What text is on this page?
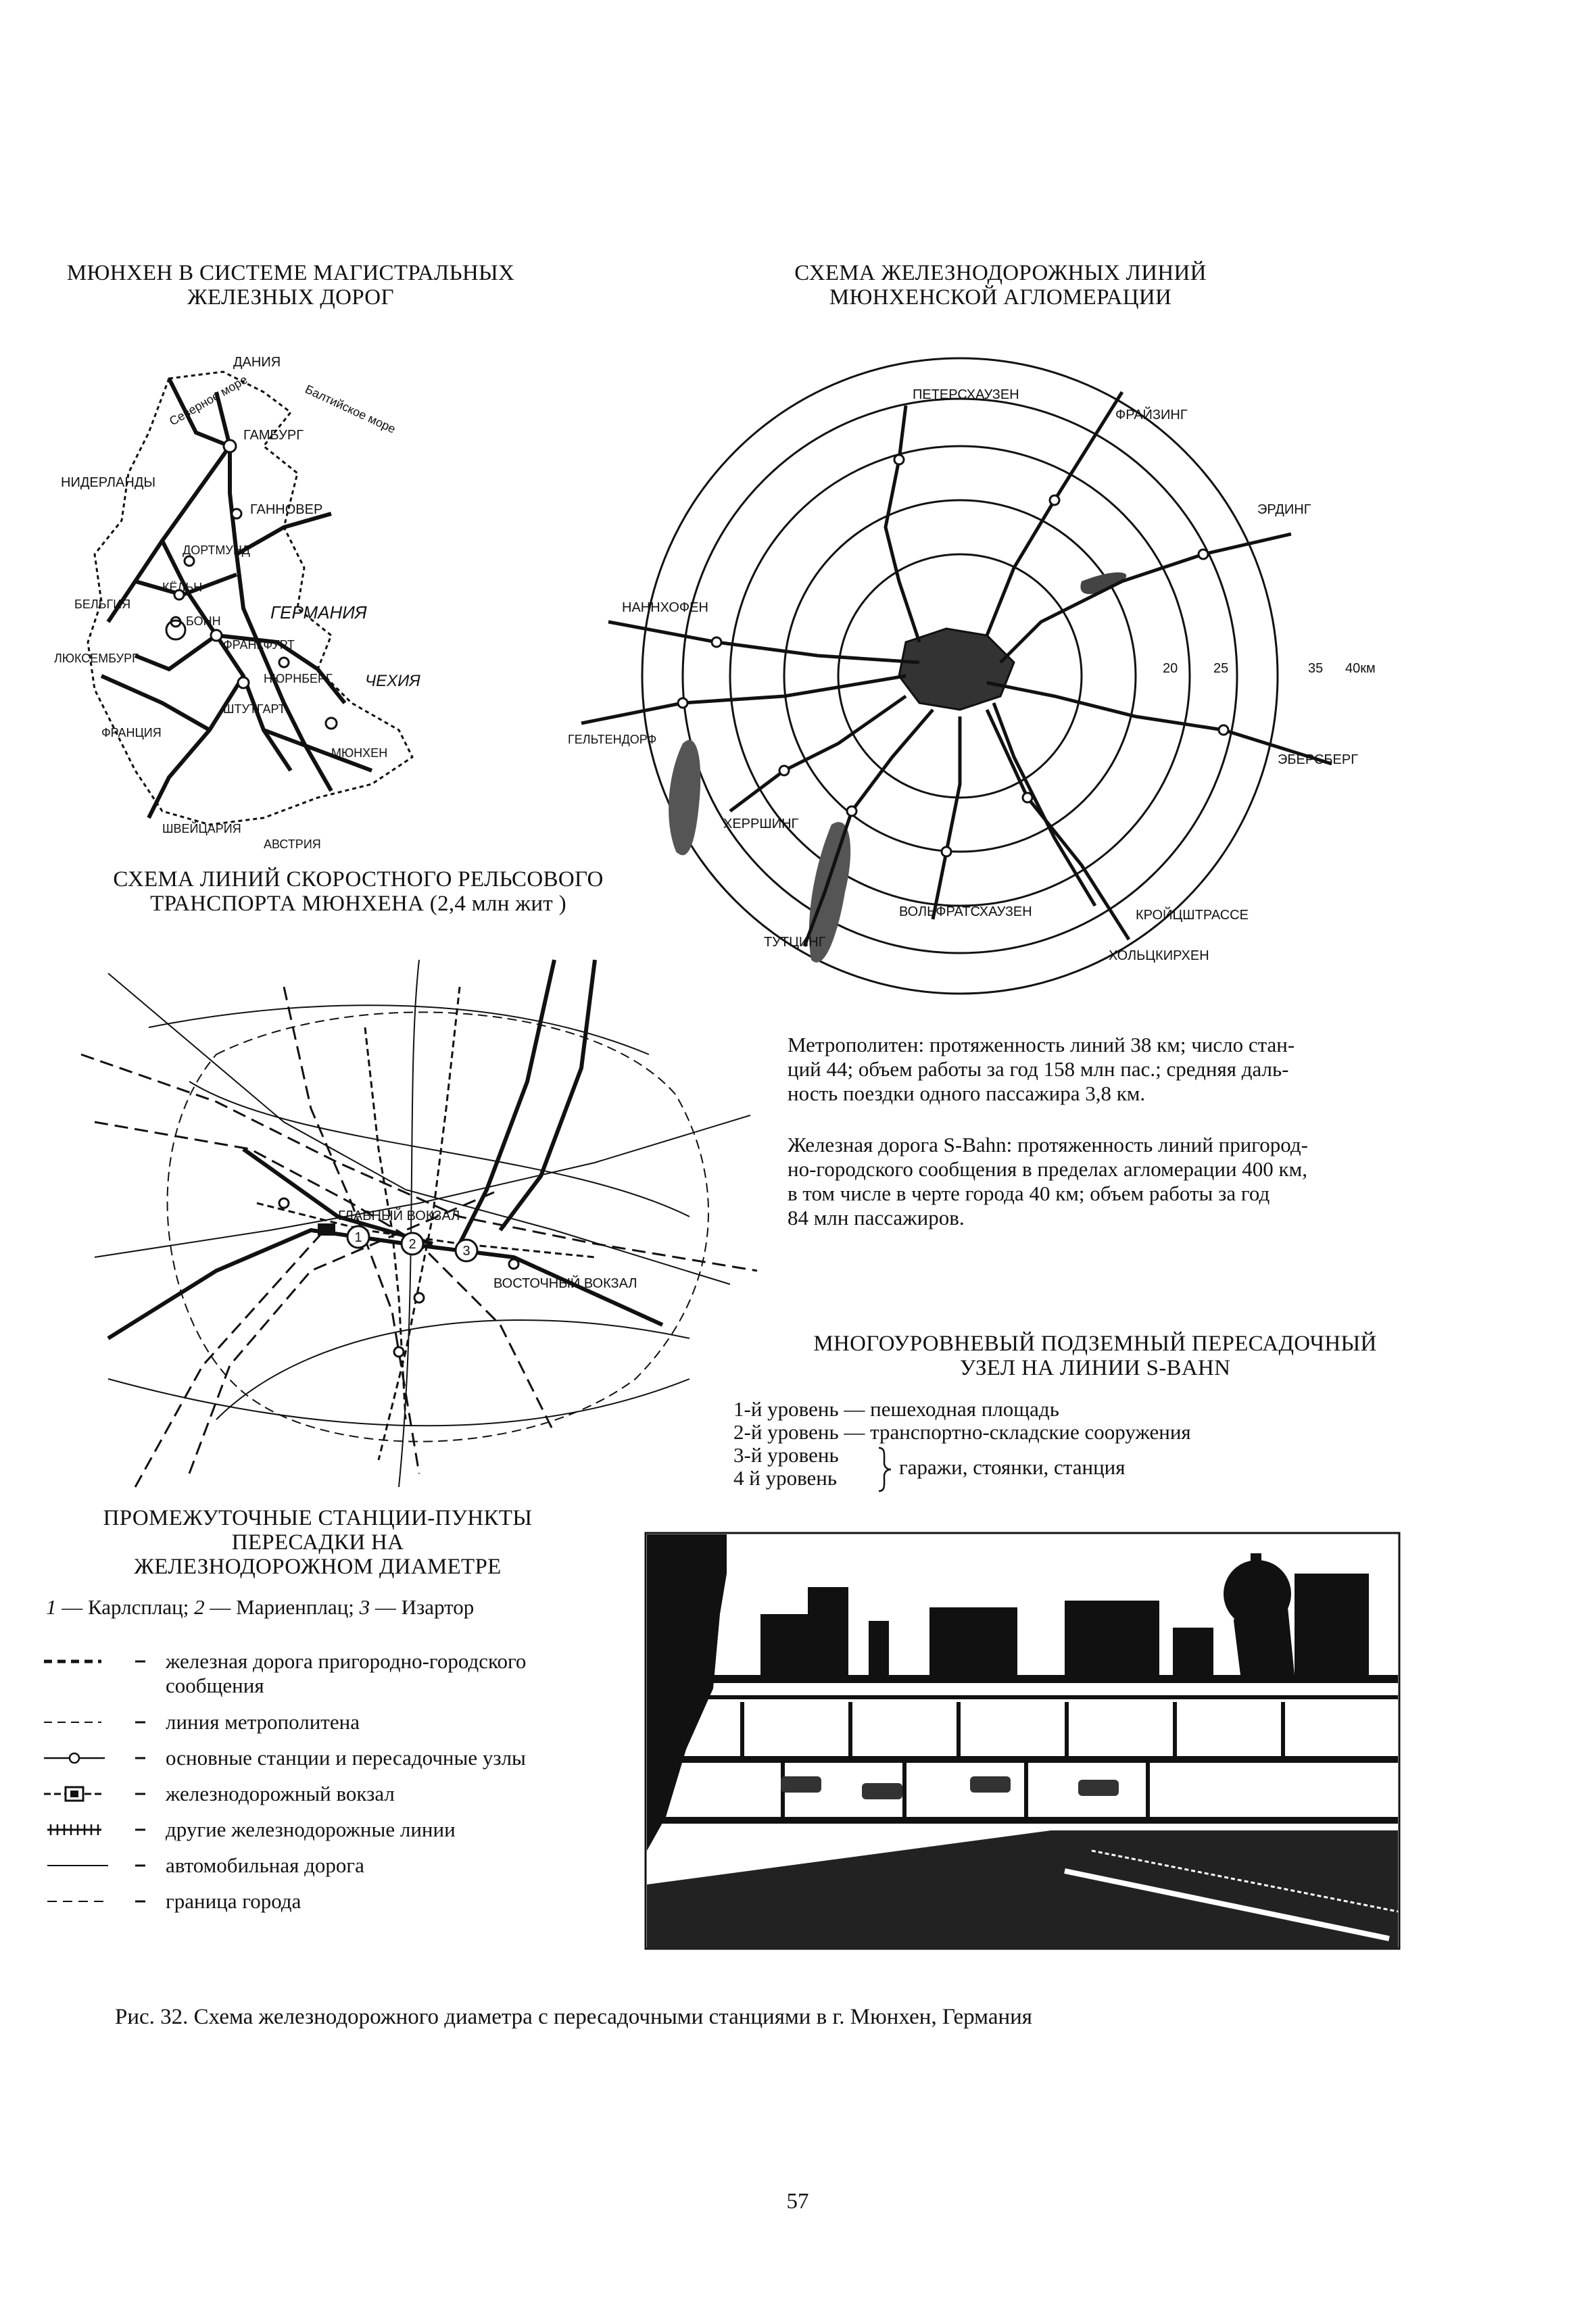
МЮНХЕН В СИСТЕМЕ МАГИСТРАЛЬНЫХ
ЖЕЛЕЗНЫХ ДОРОГ
СХЕМА ЖЕЛЕЗНОДОРОЖНЫХ ЛИНИЙ
МЮНХЕНСКОЙ АГЛОМЕРАЦИИ
ДАНИЯ
Балтийское море
Северное море
ГАМБУРГ
НИДЕРЛАНДЫ
ГАННОВЕР
ДОРТМУНД
БЕЛЬГИЯ
КЁЛЬН
БОНН	ГЕРМАНИЯ
ЛЮКСЕМБУРГ
ФРАНКФУРТ
НЮРНБЕРГ ЧЕХИЯ
ШТУТГАРТ
ФРАНЦИЯ
МЮНХЕН
ШВЕЙЦАРИЯ
АВСТРИЯ
ПЕТЕРСХАУЗЕН
ФРАЙЗИНГ
ЭРДИНГ
НАННХОФЕН
ГЕЛЬТЕНДОРФ
ЭБЕРСБЕРГ
ХЕРРШИНГ
ВОЛЬФРАТСХАУЗЕН	КРОЙЦШТРАССЕ
ТУТЦИНГ
ХОЛЬЦКИРХЕН
20	25	35 40км
СХЕМА ЛИНИЙ СКОРОСТНОГО РЕЛЬСОВОГО
ТРАНСПОРТА МЮНХЕНА (2,4 млн жит )
1	2	3
ГЛАВНЫЙ ВОКЗАЛ
ВОСТОЧНЫЙ ВОКЗАЛ
Метрополитен: протяженность линий 38 км; число стан-
ций 44; объем работы за год 158 млн пас.; средняя даль-
ность поездки одного пассажира 3,8 км.
Железная дорога S-Bahn: протяженность линий пригород-
но-городского сообщения в пределах агломерации 400 км,
в том числе в черте города 40 км; объем работы за год
84 млн пассажиров.
МНОГОУРОВНЕВЫЙ ПОДЗЕМНЫЙ ПЕРЕСАДОЧНЫЙ
УЗЕЛ НА ЛИНИИ S-BAHN
1-й уровень — пешеходная площадь
2-й уровень — транспортно-складские сооружения
3-й уровень
4 й уровень	гаражи, стоянки, станция
ПРОМЕЖУТОЧНЫЕ СТАНЦИИ-ПУНКТЫ
ПЕРЕСАДКИ НА
ЖЕЛЕЗНОДОРОЖНОМ ДИАМЕТРЕ
1 — Карлсплац; 2 — Мариенплац; 3 — Изартор
железная дорога пригородно-городского
сообщения
линия метрополитена
основные станции и пересадочные узлы
железнодорожный вокзал
другие железнодорожные линии
автомобильная дорога
граница города
Рис. 32. Схема железнодорожного диаметра с пересадочными станциями в г. Мюнхен, Германия
57
